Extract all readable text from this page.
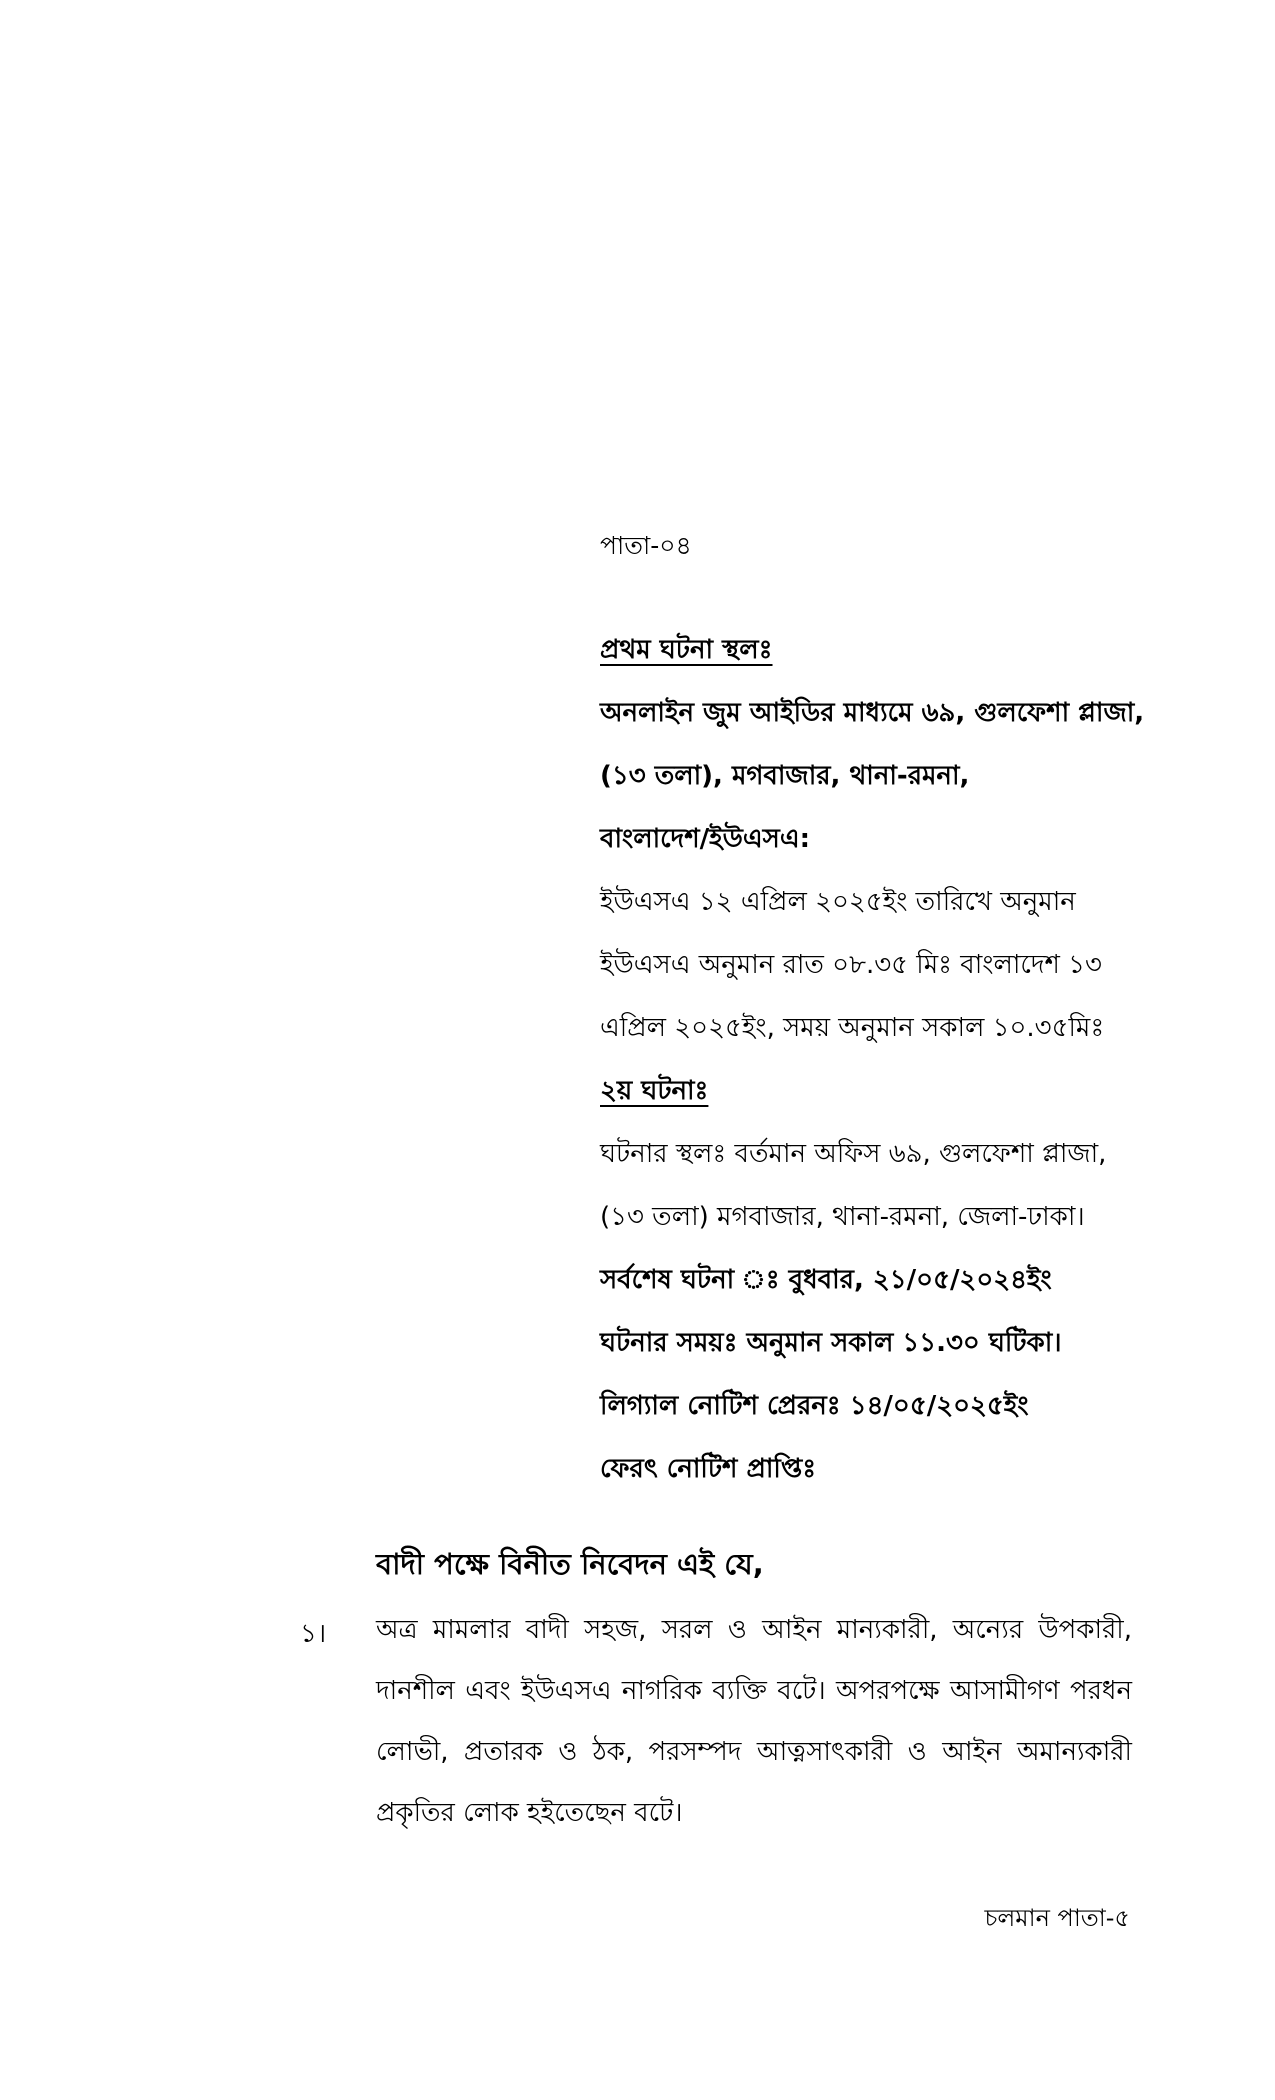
পাতা-০৪
প্রথম ঘটনা স্থলঃ
অনলাইন জুম আইডির মাধ্যমে ৬৯, গুলফেশা প্লাজা,
(১৩ তলা), মগবাজার, থানা-রমনা,
বাংলাদেশ/ইউএসএ:
ইউএসএ ১২ এপ্রিল ২০২৫ইং তারিখে অনুমান
ইউএসএ অনুমান রাত ০৮.৩৫ মিঃ বাংলাদেশ ১৩
এপ্রিল ২০২৫ইং, সময় অনুমান সকাল ১০.৩৫মিঃ
২য় ঘটনাঃ
ঘটনার স্থলঃ বর্তমান অফিস ৬৯, গুলফেশা প্লাজা,
(১৩ তলা) মগবাজার, থানা-রমনা, জেলা-ঢাকা।
সর্বশেষ ঘটনা ঃ বুধবার, ২১/০৫/২০২৪ইং
ঘটনার সময়ঃ অনুমান সকাল ১১.৩০ ঘটিকা।
লিগ্যাল নোটিশ প্রেরনঃ ১৪/০৫/২০২৫ইং
ফেরৎ নোটিশ প্রাপ্তিঃ
বাদী পক্ষে বিনীত নিবেদন এই যে,
১। অত্র মামলার বাদী সহজ, সরল ও আইন মান্যকারী, অন্যের উপকারী,
দানশীল এবং ইউএসএ নাগরিক ব্যক্তি বটে। অপরপক্ষে আসামীগণ পরধন
লোভী, প্রতারক ও ঠক, পরসম্পদ আত্নসাৎকারী ও আইন অমান্যকারী
প্রকৃতির লোক হইতেছেন বটে।
চলমান পাতা-৫
